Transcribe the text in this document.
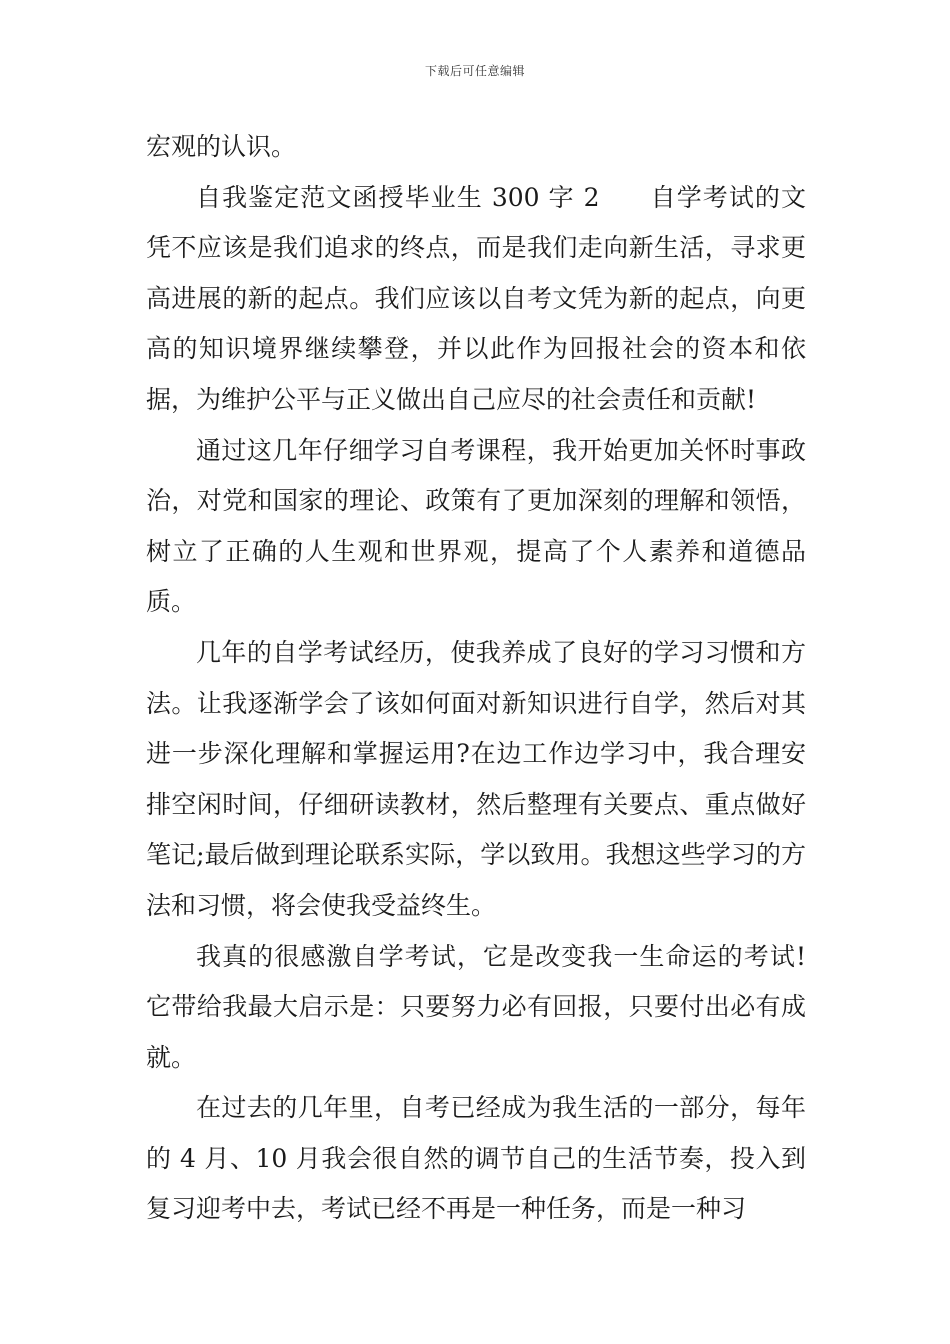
下载后可任意编辑

宏观的认识。

自我鉴定范文函授毕业生 300 字 2 自学考试的文凭不应该是我们追求的终点，而是我们走向新生活，寻求更高进展的新的起点。我们应该以自考文凭为新的起点，向更高的知识境界继续攀登，并以此作为回报社会的资本和依据，为维护公平与正义做出自己应尽的社会责任和贡献!

通过这几年仔细学习自考课程，我开始更加关怀时事政治，对党和国家的理论、政策有了更加深刻的理解和领悟，树立了正确的人生观和世界观，提高了个人素养和道德品质。

几年的自学考试经历，使我养成了良好的学习习惯和方法。让我逐渐学会了该如何面对新知识进行自学，然后对其进一步深化理解和掌握运用?在边工作边学习中，我合理安排空闲时间，仔细研读教材，然后整理有关要点、重点做好笔记;最后做到理论联系实际，学以致用。我想这些学习的方法和习惯，将会使我受益终生。

我真的很感激自学考试，它是改变我一生命运的考试!它带给我最大启示是：只要努力必有回报，只要付出必有成就。

在过去的几年里，自考已经成为我生活的一部分，每年的 4 月、10 月我会很自然的调节自己的生活节奏，投入到复习迎考中去，考试已经不再是一种任务，而是一种习
